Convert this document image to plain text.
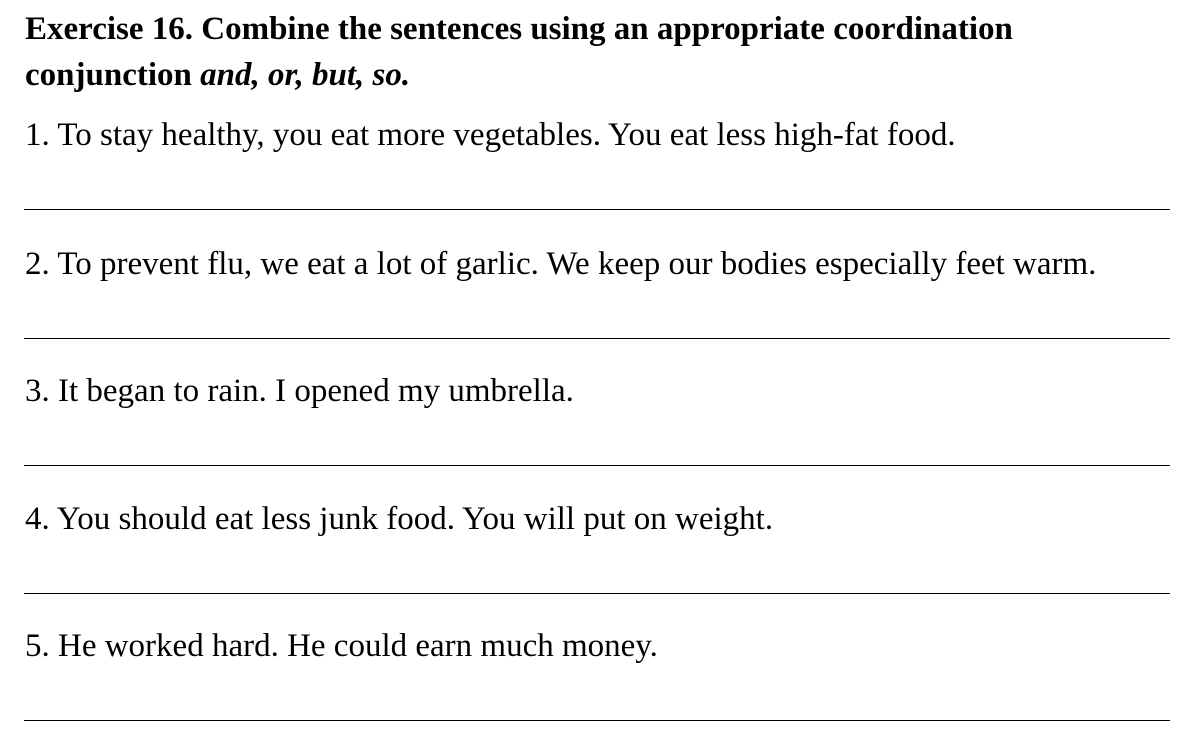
Exercise 16. Combine the sentences using an appropriate coordination
conjunction and, or, but, so.
1. To stay healthy, you eat more vegetables. You eat less high-fat food.
2. To prevent flu, we eat a lot of garlic. We keep our bodies especially feet warm.
3. It began to rain. I opened my umbrella.
4. You should eat less junk food. You will put on weight.
5. He worked hard. He could earn much money.
